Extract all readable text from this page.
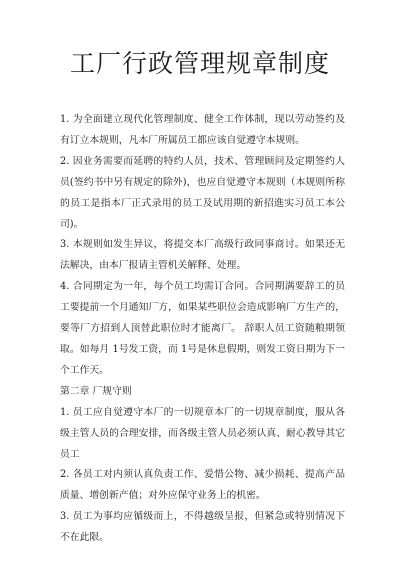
工厂行政管理规章制度

1. 为全面建立现代化管理制度、健全工作体制，现以劳动签约及有订立本规则，凡本厂所属员工都应该自觉遵守本规则。

2. 因业务需要而延聘的特约人员，技术、管理顾问及定期签约人员(签约书中另有规定的除外)，也应自觉遵守本规则（本规则所称的员工是指本厂正式录用的员工及试用期的新招進实习员工本公司)。

3. 本规则如发生异议，将提交本厂高级行政同事商讨。如果还无法解决，由本厂报请主管机关解释、处理。

4. 合同期定为一年，每个员工均需订合同。合同期满要辞工的员工要提前一个月通知厂方，如果某些职位会造成影响厂方生产的，要等厂方招到人顶替此职位时才能离厂。 辞职人员工资随粮期领取。如每月 1号发工资，而 1号是休息假期，则发工资日期为下一个工作天。

第二章 厂规守则

1. 员工应自觉遵守本厂的一切规章本厂的一切规章制度，服从各级主管人员的合理安排，而各级主管人员必须认真、耐心教导其它员工

2. 各员工对内须认真负责工作、爱惜公物、减少损耗、提高产品质量、增创新产值；对外应保守业务上的机密。

3. 员工为事均应循级而上，不得越级呈报，但紧急或特别情况下不在此限。
